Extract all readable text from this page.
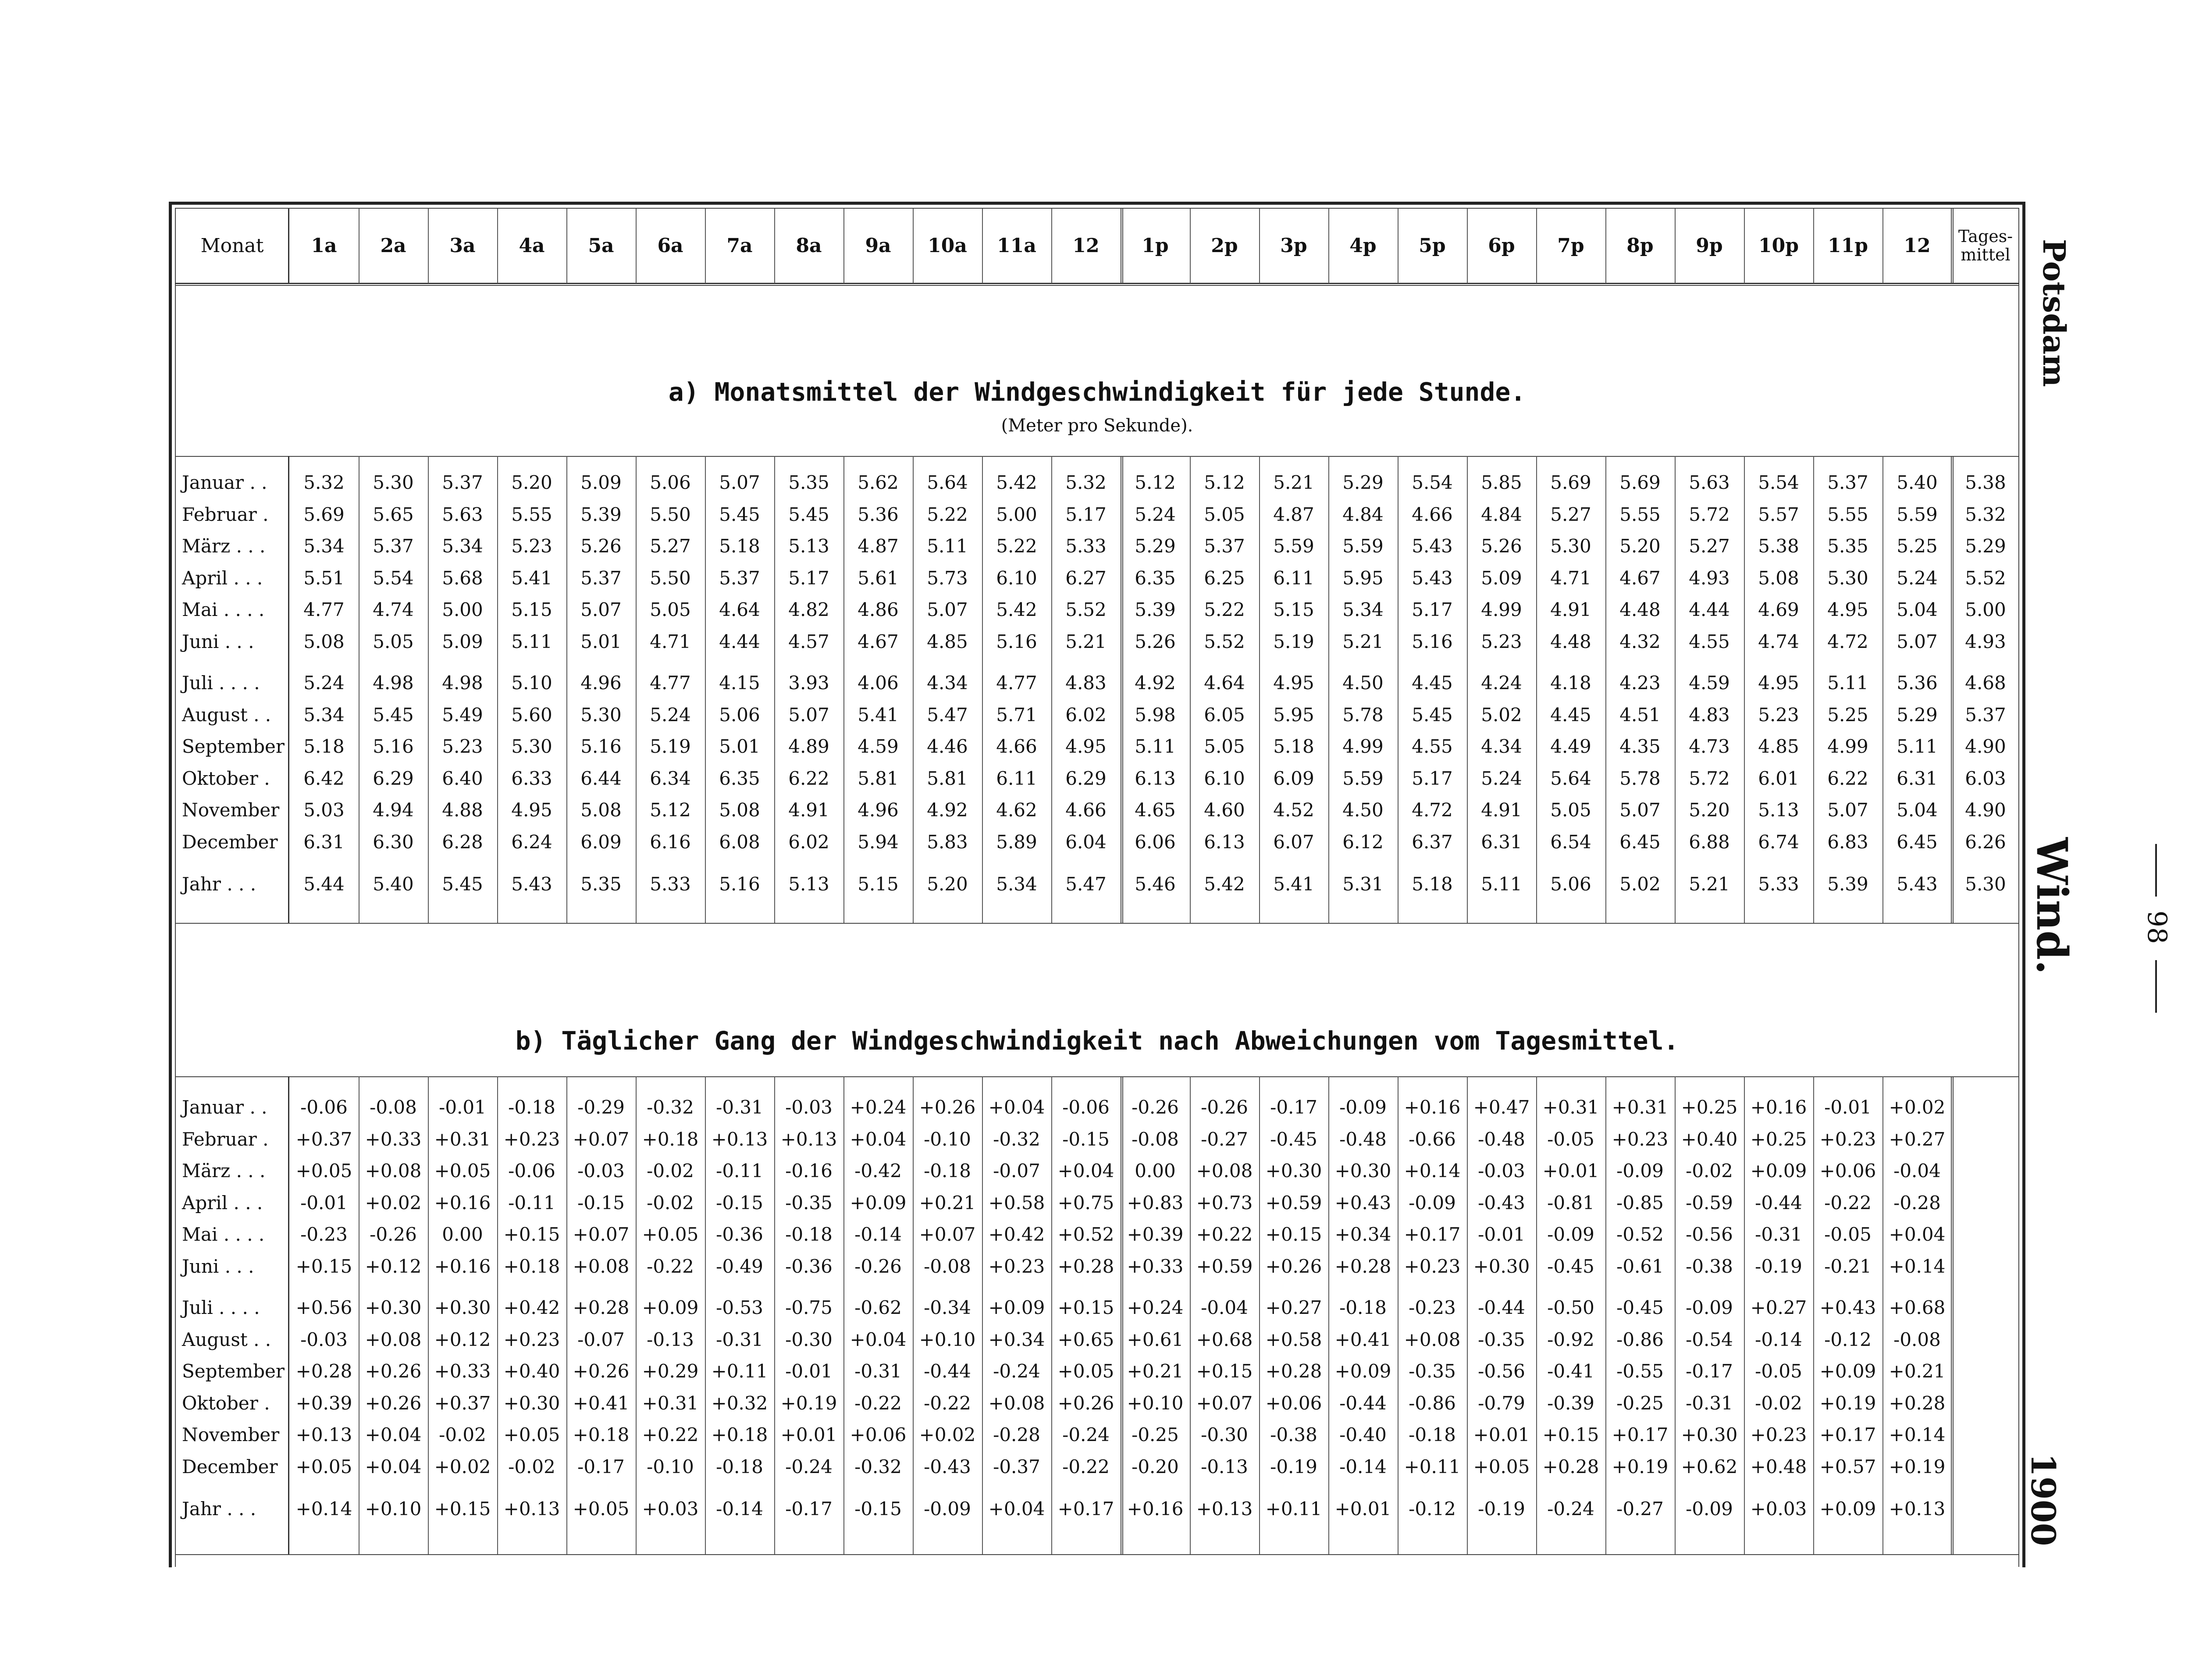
Monat	1a	2a	3a	4a	5a	6a	7a	8a	9a	10a	11a	12	1p	2p	3p	4p	5p	6p	7p	8p	9p	10p	11p	12	Tages-
mittel
a) Monatsmittel der Windgeschwindigkeit für jede Stunde.
(Meter pro Sekunde).
Januar . .	5.32	5.30	5.37	5.20	5.09	5.06	5.07	5.35	5.62	5.64	5.42	5.32	5.12	5.12	5.21	5.29	5.54	5.85	5.69	5.69	5.63	5.54	5.37	5.40	5.38
Februar .	5.69	5.65	5.63	5.55	5.39	5.50	5.45	5.45	5.36	5.22	5.00	5.17	5.24	5.05	4.87	4.84	4.66	4.84	5.27	5.55	5.72	5.57	5.55	5.59	5.32
März . . .	5.34	5.37	5.34	5.23	5.26	5.27	5.18	5.13	4.87	5.11	5.22	5.33	5.29	5.37	5.59	5.59	5.43	5.26	5.30	5.20	5.27	5.38	5.35	5.25	5.29
April . . .	5.51	5.54	5.68	5.41	5.37	5.50	5.37	5.17	5.61	5.73	6.10	6.27	6.35	6.25	6.11	5.95	5.43	5.09	4.71	4.67	4.93	5.08	5.30	5.24	5.52
Mai . . . .	4.77	4.74	5.00	5.15	5.07	5.05	4.64	4.82	4.86	5.07	5.42	5.52	5.39	5.22	5.15	5.34	5.17	4.99	4.91	4.48	4.44	4.69	4.95	5.04	5.00
Juni . . .	5.08	5.05	5.09	5.11	5.01	4.71	4.44	4.57	4.67	4.85	5.16	5.21	5.26	5.52	5.19	5.21	5.16	5.23	4.48	4.32	4.55	4.74	4.72	5.07	4.93
Juli . . . .	5.24	4.98	4.98	5.10	4.96	4.77	4.15	3.93	4.06	4.34	4.77	4.83	4.92	4.64	4.95	4.50	4.45	4.24	4.18	4.23	4.59	4.95	5.11	5.36	4.68
August . .	5.34	5.45	5.49	5.60	5.30	5.24	5.06	5.07	5.41	5.47	5.71	6.02	5.98	6.05	5.95	5.78	5.45	5.02	4.45	4.51	4.83	5.23	5.25	5.29	5.37
September	5.18	5.16	5.23	5.30	5.16	5.19	5.01	4.89	4.59	4.46	4.66	4.95	5.11	5.05	5.18	4.99	4.55	4.34	4.49	4.35	4.73	4.85	4.99	5.11	4.90
Oktober .	6.42	6.29	6.40	6.33	6.44	6.34	6.35	6.22	5.81	5.81	6.11	6.29	6.13	6.10	6.09	5.59	5.17	5.24	5.64	5.78	5.72	6.01	6.22	6.31	6.03
November	5.03	4.94	4.88	4.95	5.08	5.12	5.08	4.91	4.96	4.92	4.62	4.66	4.65	4.60	4.52	4.50	4.72	4.91	5.05	5.07	5.20	5.13	5.07	5.04	4.90
December	6.31	6.30	6.28	6.24	6.09	6.16	6.08	6.02	5.94	5.83	5.89	6.04	6.06	6.13	6.07	6.12	6.37	6.31	6.54	6.45	6.88	6.74	6.83	6.45	6.26
Jahr . . .	5.44	5.40	5.45	5.43	5.35	5.33	5.16	5.13	5.15	5.20	5.34	5.47	5.46	5.42	5.41	5.31	5.18	5.11	5.06	5.02	5.21	5.33	5.39	5.43	5.30
b) Täglicher Gang der Windgeschwindigkeit nach Abweichungen vom Tagesmittel.
Januar . .	-0.06	-0.08	-0.01	-0.18	-0.29	-0.32	-0.31	-0.03 +0.24 +0.26 +0.04 -0.06	-0.26	-0.26	-0.17	-0.09 +0.16 +0.47 +0.31 +0.31 +0.25 +0.16 -0.01 +0.02
Februar .	+0.37 +0.33 +0.31 +0.23 +0.07 +0.18 +0.13 +0.13 +0.04 -0.10	-0.32	-0.15	-0.08	-0.27	-0.45	-0.48	-0.66	-0.48	-0.05 +0.23 +0.40 +0.25 +0.23 +0.27
März . . .	+0.05 +0.08 +0.05 -0.06	-0.03	-0.02	-0.11	-0.16	-0.42	-0.18	-0.07 +0.04	0.00	+0.08 +0.30 +0.30 +0.14 -0.03 +0.01 -0.09	-0.02 +0.09 +0.06 -0.04
April . . .	-0.01 +0.02 +0.16 -0.11	-0.15	-0.02	-0.15	-0.35 +0.09 +0.21 +0.58 +0.75 +0.83 +0.73 +0.59 +0.43 -0.09	-0.43	-0.81	-0.85	-0.59	-0.44	-0.22	-0.28
Mai . . . .	-0.23	-0.26	0.00	+0.15 +0.07 +0.05 -0.36	-0.18	-0.14 +0.07 +0.42 +0.52 +0.39 +0.22 +0.15 +0.34 +0.17 -0.01	-0.09	-0.52	-0.56	-0.31	-0.05 +0.04
Juni . . .	+0.15 +0.12 +0.16 +0.18 +0.08 -0.22	-0.49	-0.36	-0.26	-0.08 +0.23 +0.28 +0.33 +0.59 +0.26 +0.28 +0.23 +0.30 -0.45	-0.61	-0.38	-0.19	-0.21 +0.14
Juli . . . .	+0.56 +0.30 +0.30 +0.42 +0.28 +0.09 -0.53	-0.75	-0.62	-0.34 +0.09 +0.15 +0.24 -0.04 +0.27 -0.18	-0.23	-0.44	-0.50	-0.45	-0.09 +0.27 +0.43 +0.68
August . .	-0.03 +0.08 +0.12 +0.23 -0.07	-0.13	-0.31	-0.30 +0.04 +0.10 +0.34 +0.65 +0.61 +0.68 +0.58 +0.41 +0.08 -0.35	-0.92	-0.86	-0.54	-0.14	-0.12	-0.08
September +0.28 +0.26 +0.33 +0.40 +0.26 +0.29 +0.11 -0.01	-0.31	-0.44	-0.24 +0.05 +0.21 +0.15 +0.28 +0.09 -0.35	-0.56	-0.41	-0.55	-0.17	-0.05 +0.09 +0.21
Oktober .	+0.39 +0.26 +0.37 +0.30 +0.41 +0.31 +0.32 +0.19 -0.22	-0.22 +0.08 +0.26 +0.10 +0.07 +0.06 -0.44	-0.86	-0.79	-0.39	-0.25	-0.31	-0.02 +0.19 +0.28
November +0.13 +0.04 -0.02 +0.05 +0.18 +0.22 +0.18 +0.01 +0.06 +0.02 -0.28	-0.24	-0.25	-0.30	-0.38	-0.40	-0.18 +0.01 +0.15 +0.17 +0.30 +0.23 +0.17 +0.14
December +0.05 +0.04 +0.02 -0.02	-0.17	-0.10	-0.18	-0.24	-0.32	-0.43	-0.37	-0.22	-0.20	-0.13	-0.19	-0.14 +0.11 +0.05 +0.28 +0.19 +0.62 +0.48 +0.57 +0.19
Jahr . . .	+0.14 +0.10 +0.15 +0.13 +0.05 +0.03 -0.14	-0.17	-0.15	-0.09 +0.04 +0.17 +0.16 +0.13 +0.11 +0.01 -0.12	-0.19	-0.24	-0.27	-0.09 +0.03 +0.09 +0.13
Potsdam
Wind.
1900
98
